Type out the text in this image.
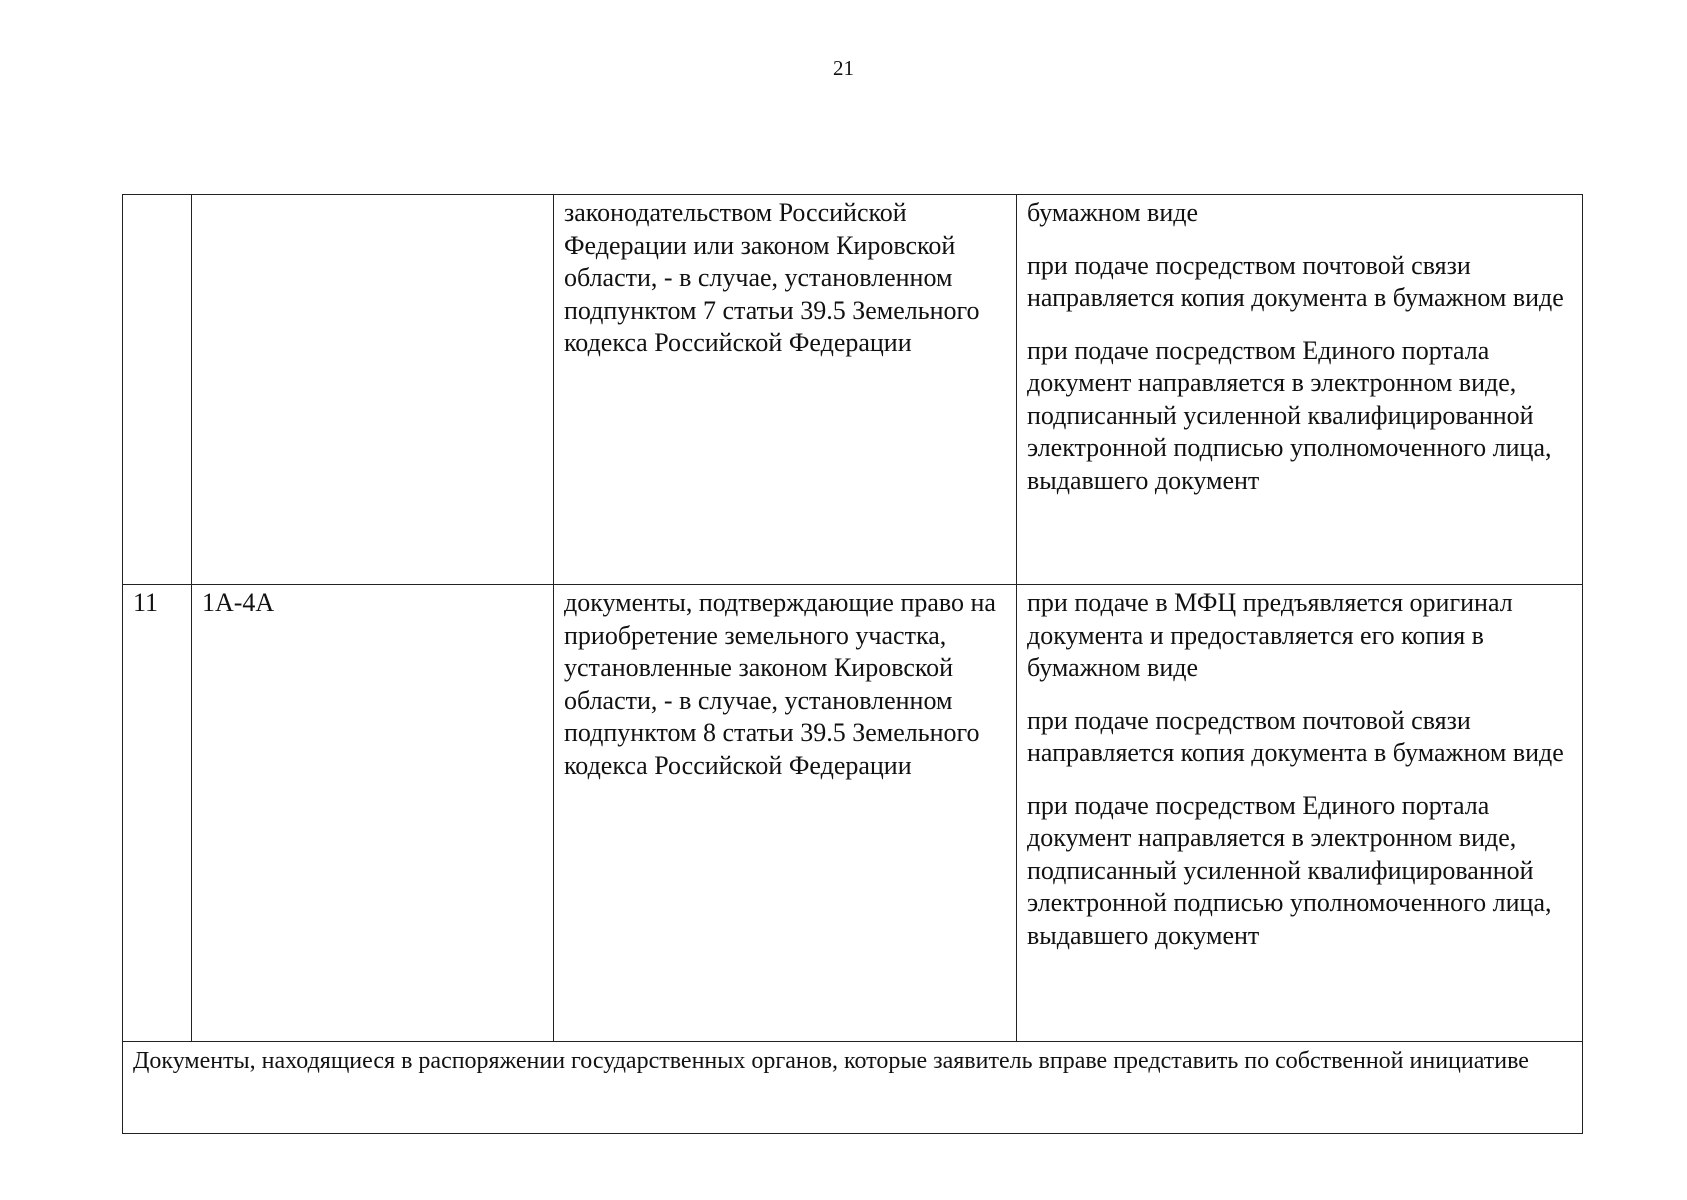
21

		законодательством Российской Федерации или законом Кировской области, - в случае, установленном подпунктом 7 статьи 39.5 Земельного кодекса Российской Федерации	бумажном виде

при подаче посредством почтовой связи направляется копия документа в бумажном виде

при подаче посредством Единого портала документ направляется в электронном виде, подписанный усиленной квалифицированной электронной подписью уполномоченного лица, выдавшего документ

11	1А-4А	документы, подтверждающие право на приобретение земельного участка, установленные законом Кировской области, - в случае, установленном подпунктом 8 статьи 39.5 Земельного кодекса Российской Федерации	при подаче в МФЦ предъявляется оригинал документа и предоставляется его копия в бумажном виде

при подаче посредством почтовой связи направляется копия документа в бумажном виде

при подаче посредством Единого портала документ направляется в электронном виде, подписанный усиленной квалифицированной электронной подписью уполномоченного лица, выдавшего документ

Документы, находящиеся в распоряжении государственных органов, которые заявитель вправе представить по собственной инициативе			
